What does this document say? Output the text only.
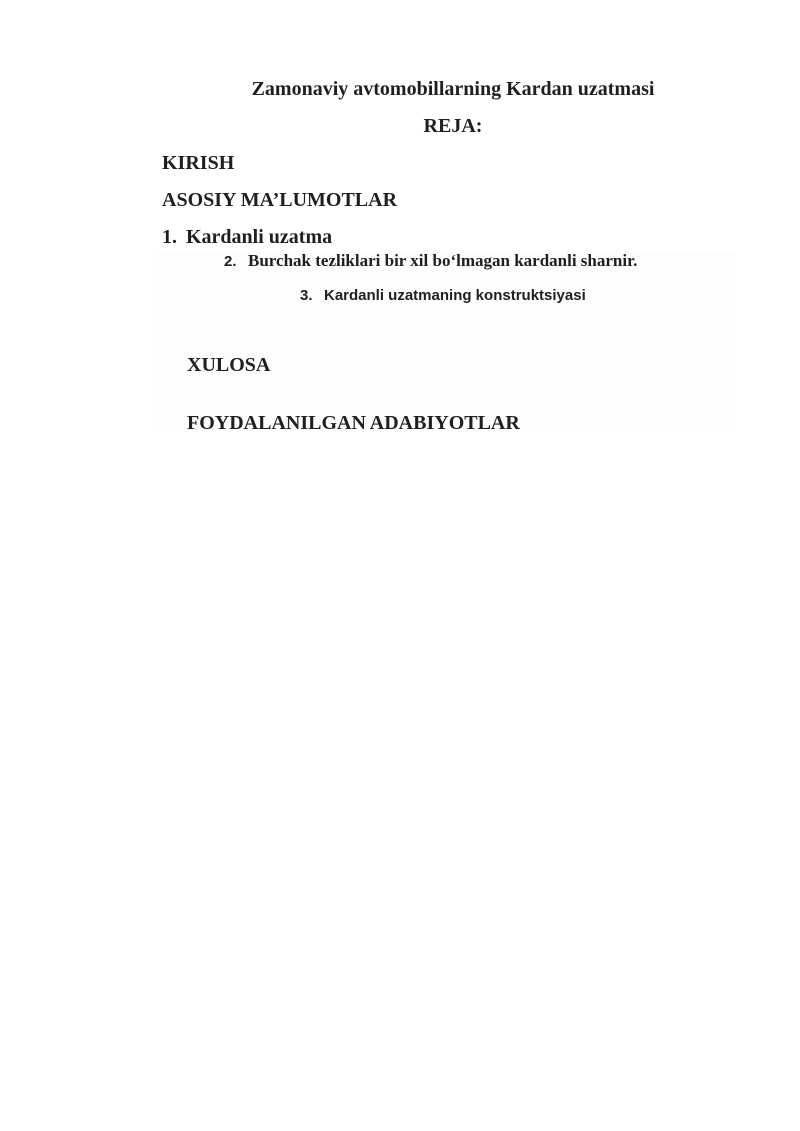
Zamonaviy avtomobillarning Kardan uzatmasi
REJA:
KIRISH
ASOSIY MA’LUMOTLAR
1. Kardanli uzatma
2. Burchak tezliklari bir xil bo‘lmagan kardanli sharnir.
3. Kardanli uzatmaning konstruktsiyasi
XULOSA
FOYDALANILGAN ADABIYOTLAR
